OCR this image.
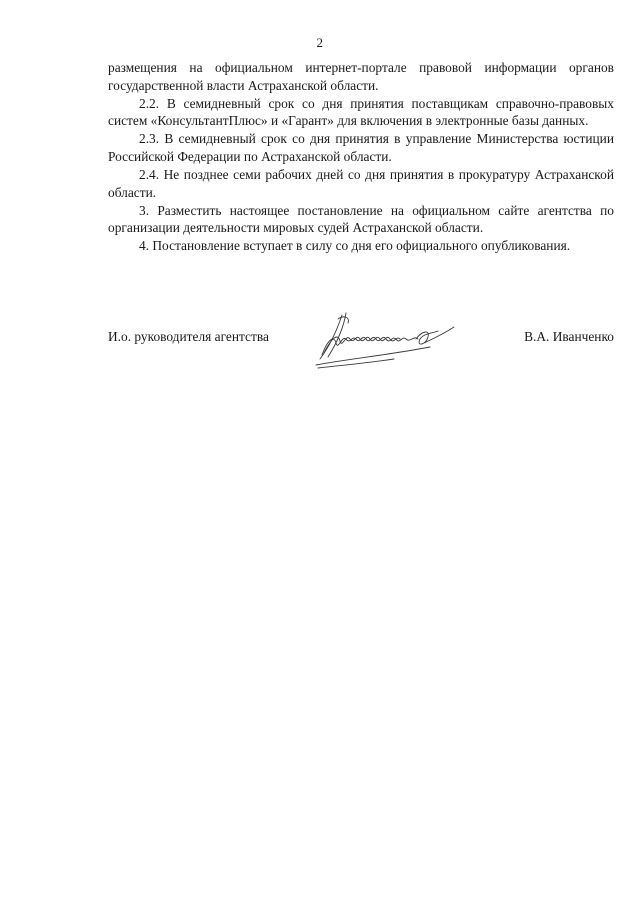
2

размещения на официальном интернет-портале правовой информации органов государственной власти Астраханской области.

2.2. В семидневный срок со дня принятия поставщикам справочно-правовых систем «КонсультантПлюс» и «Гарант» для включения в электронные базы данных.

2.3. В семидневный срок со дня принятия в управление Министерства юстиции Российской Федерации по Астраханской области.

2.4. Не позднее семи рабочих дней со дня принятия в прокуратуру Астраханской области.

3. Разместить настоящее постановление на официальном сайте агентства по организации деятельности мировых судей Астраханской области.

4. Постановление вступает в силу со дня его официального опубликования.

И.о. руководителя агентства	В.А. Иванченко
